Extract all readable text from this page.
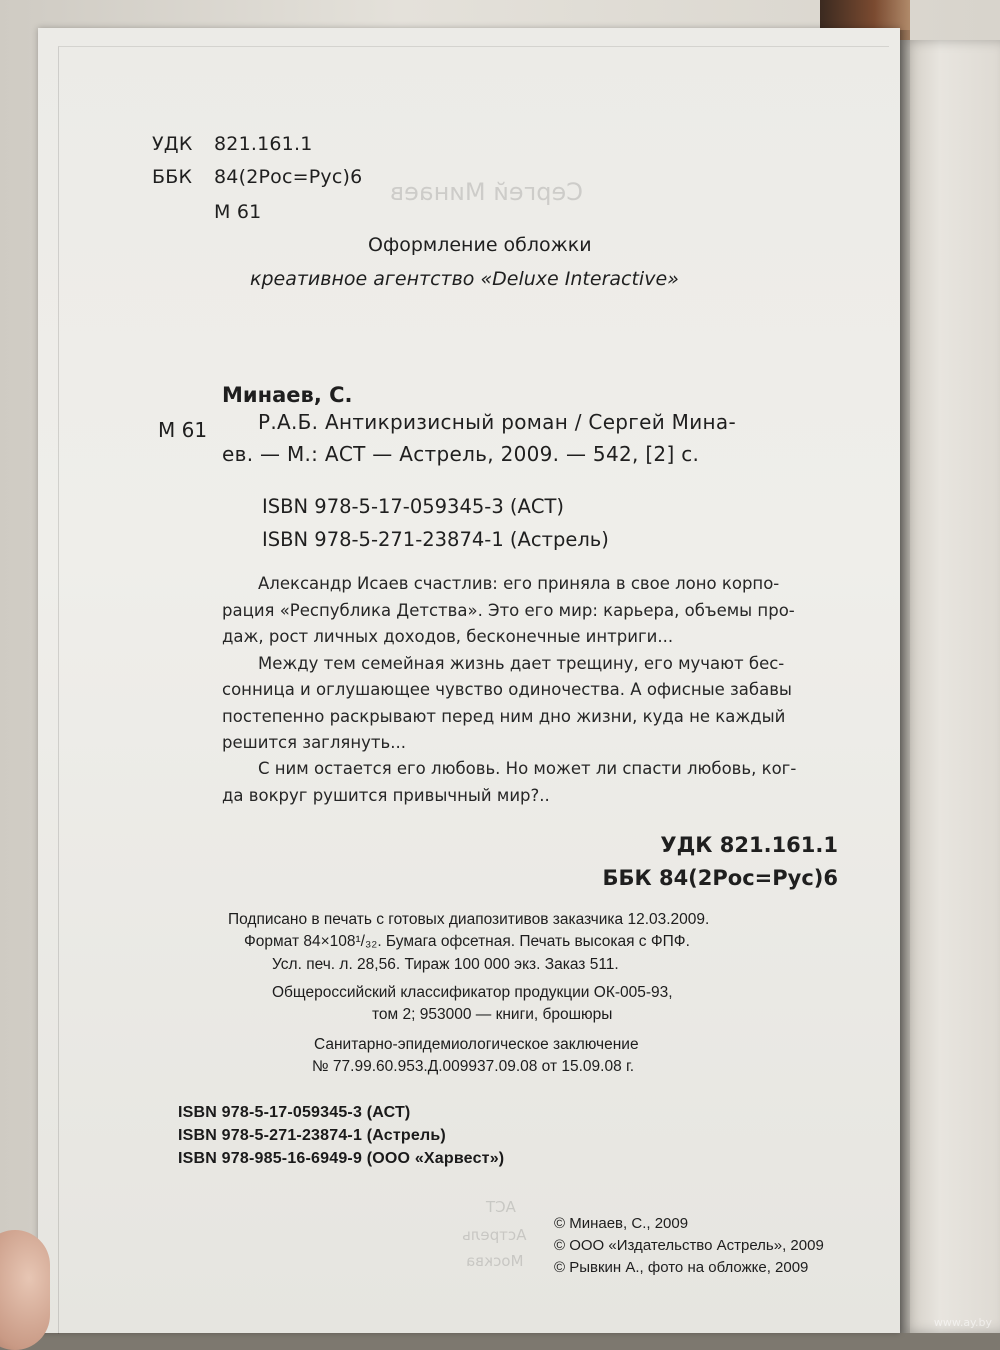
Сергей Минаев
УДК 821.161.1
ББК 84(2Рос=Рус)6
М 61
Оформление обложки
креативное агентство «Deluxe Interactive»
Минаев, С.
М 61	Р.А.Б. Антикризисный роман / Сергей Мина-
ев. — М.: АСТ — Астрель, 2009. — 542, [2] с.
ISBN 978-5-17-059345-3 (АСТ)
ISBN 978-5-271-23874-1 (Астрель)
Александр Исаев счастлив: его приняла в свое лоно корпо-
рация «Республика Детства». Это его мир: карьера, объемы про-
даж, рост личных доходов, бесконечные интриги...
Между тем семейная жизнь дает трещину, его мучают бес-
сонница и оглушающее чувство одиночества. А офисные забавы
постепенно раскрывают перед ним дно жизни, куда не каждый
решится заглянуть...
С ним остается его любовь. Но может ли спасти любовь, ког-
да вокруг рушится привычный мир?..
УДК 821.161.1
ББК 84(2Рос=Рус)6
Подписано в печать с готовых диапозитивов заказчика 12.03.2009.
Формат 84×108¹/₃₂. Бумага офсетная. Печать высокая с ФПФ.
Усл. печ. л. 28,56. Тираж 100 000 экз. Заказ 511.
Общероссийский классификатор продукции ОК-005-93,
том 2; 953000 — книги, брошюры
Санитарно-эпидемиологическое заключение
№ 77.99.60.953.Д.009937.09.08 от 15.09.08 г.
ISBN 978-5-17-059345-3 (АСТ)
ISBN 978-5-271-23874-1 (Астрель)
ISBN 978-985-16-6949-9 (ООО «Харвест»)
АСТ
Астрель
Москва
© Минаев, С., 2009
© ООО «Издательство Астрель», 2009
© Рывкин А., фото на обложке, 2009
www.ay.by
